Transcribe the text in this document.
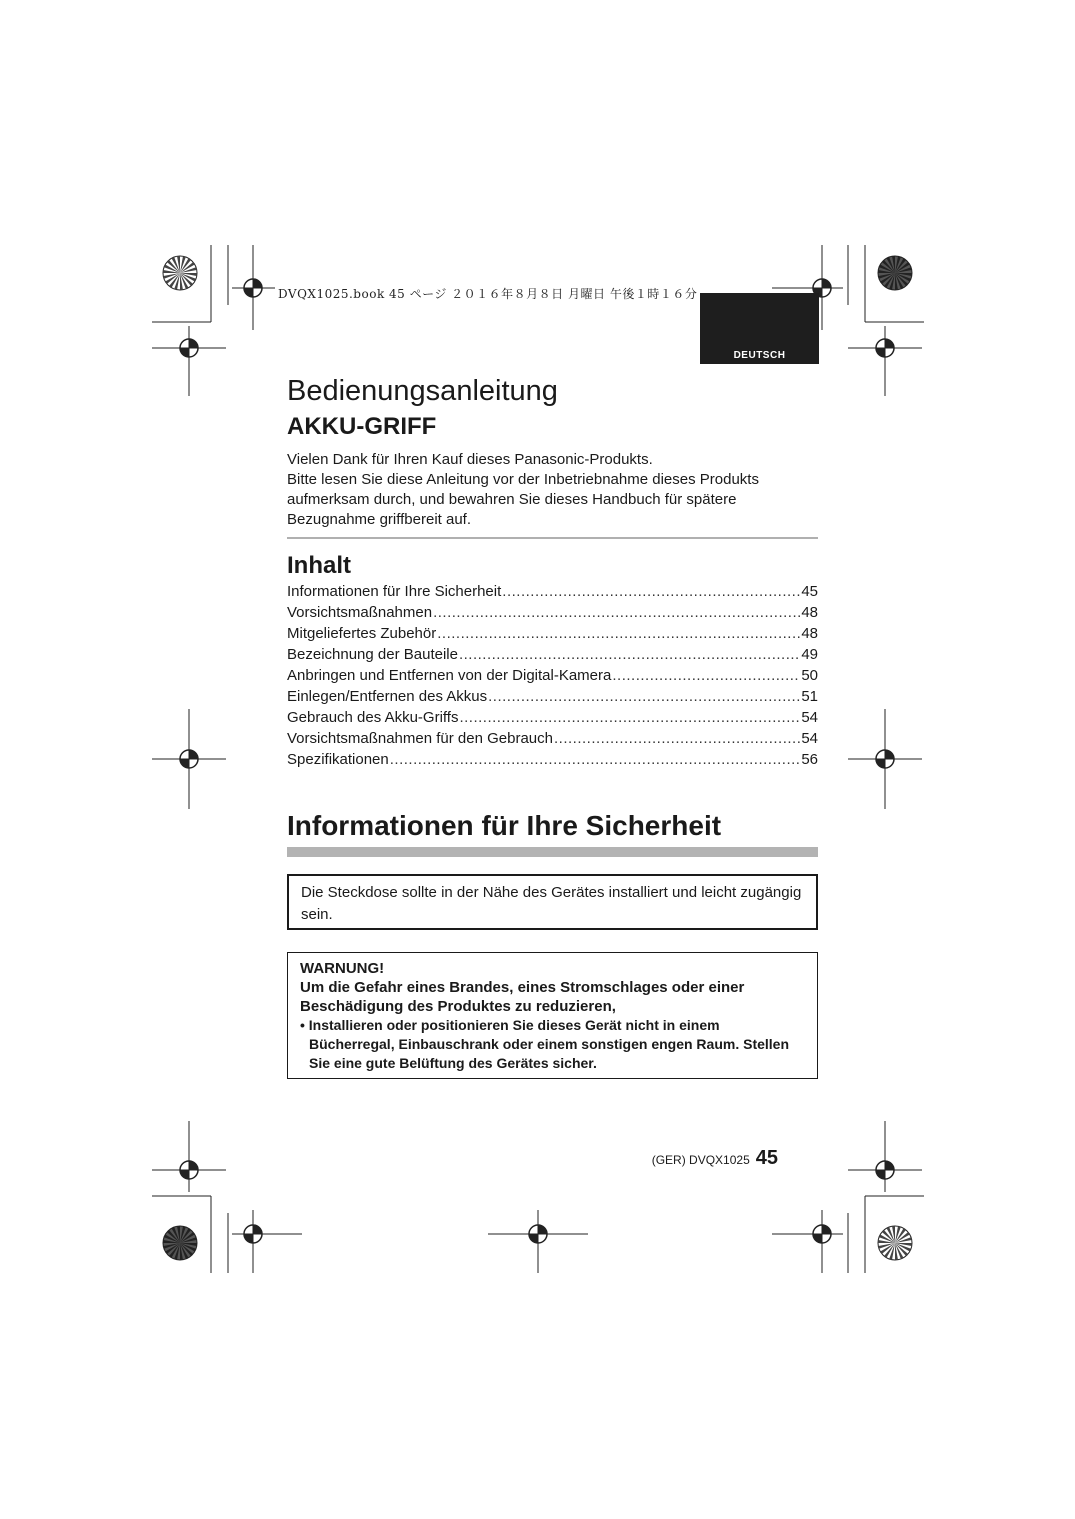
DVQX1025.book 45 ページ ２０１６年８月８日 月曜日 午後１時１６分
DEUTSCH
Bedienungsanleitung
AKKU-GRIFF

Vielen Dank für Ihren Kauf dieses Panasonic-Produkts.

Bitte lesen Sie diese Anleitung vor der Inbetriebnahme dieses Produkts aufmerksam durch, und bewahren Sie dieses Handbuch für spätere Bezugnahme griffbereit auf.

Inhalt
Informationen für Ihre Sicherheit .....	45
Vorsichtsmaßnahmen .....	48
Mitgeliefertes Zubehör .....	48
Bezeichnung der Bauteile .....	49
Anbringen und Entfernen von der Digital-Kamera .....	50
Einlegen/Entfernen des Akkus .....	51
Gebrauch des Akku-Griffs .....	54
Vorsichtsmaßnahmen für den Gebrauch .....	54
Spezifikationen .....	56
Informationen für Ihre Sicherheit
Die Steckdose sollte in der Nähe des Gerätes installiert und leicht zugängig sein.

WARNUNG!

Um die Gefahr eines Brandes, eines Stromschlages oder einer Beschädigung des Produktes zu reduzieren,

• Installieren oder positionieren Sie dieses Gerät nicht in einem Bücherregal, Einbauschrank oder einem sonstigen engen Raum. Stellen Sie eine gute Belüftung des Gerätes sicher.

(GER) DVQX1025 45
